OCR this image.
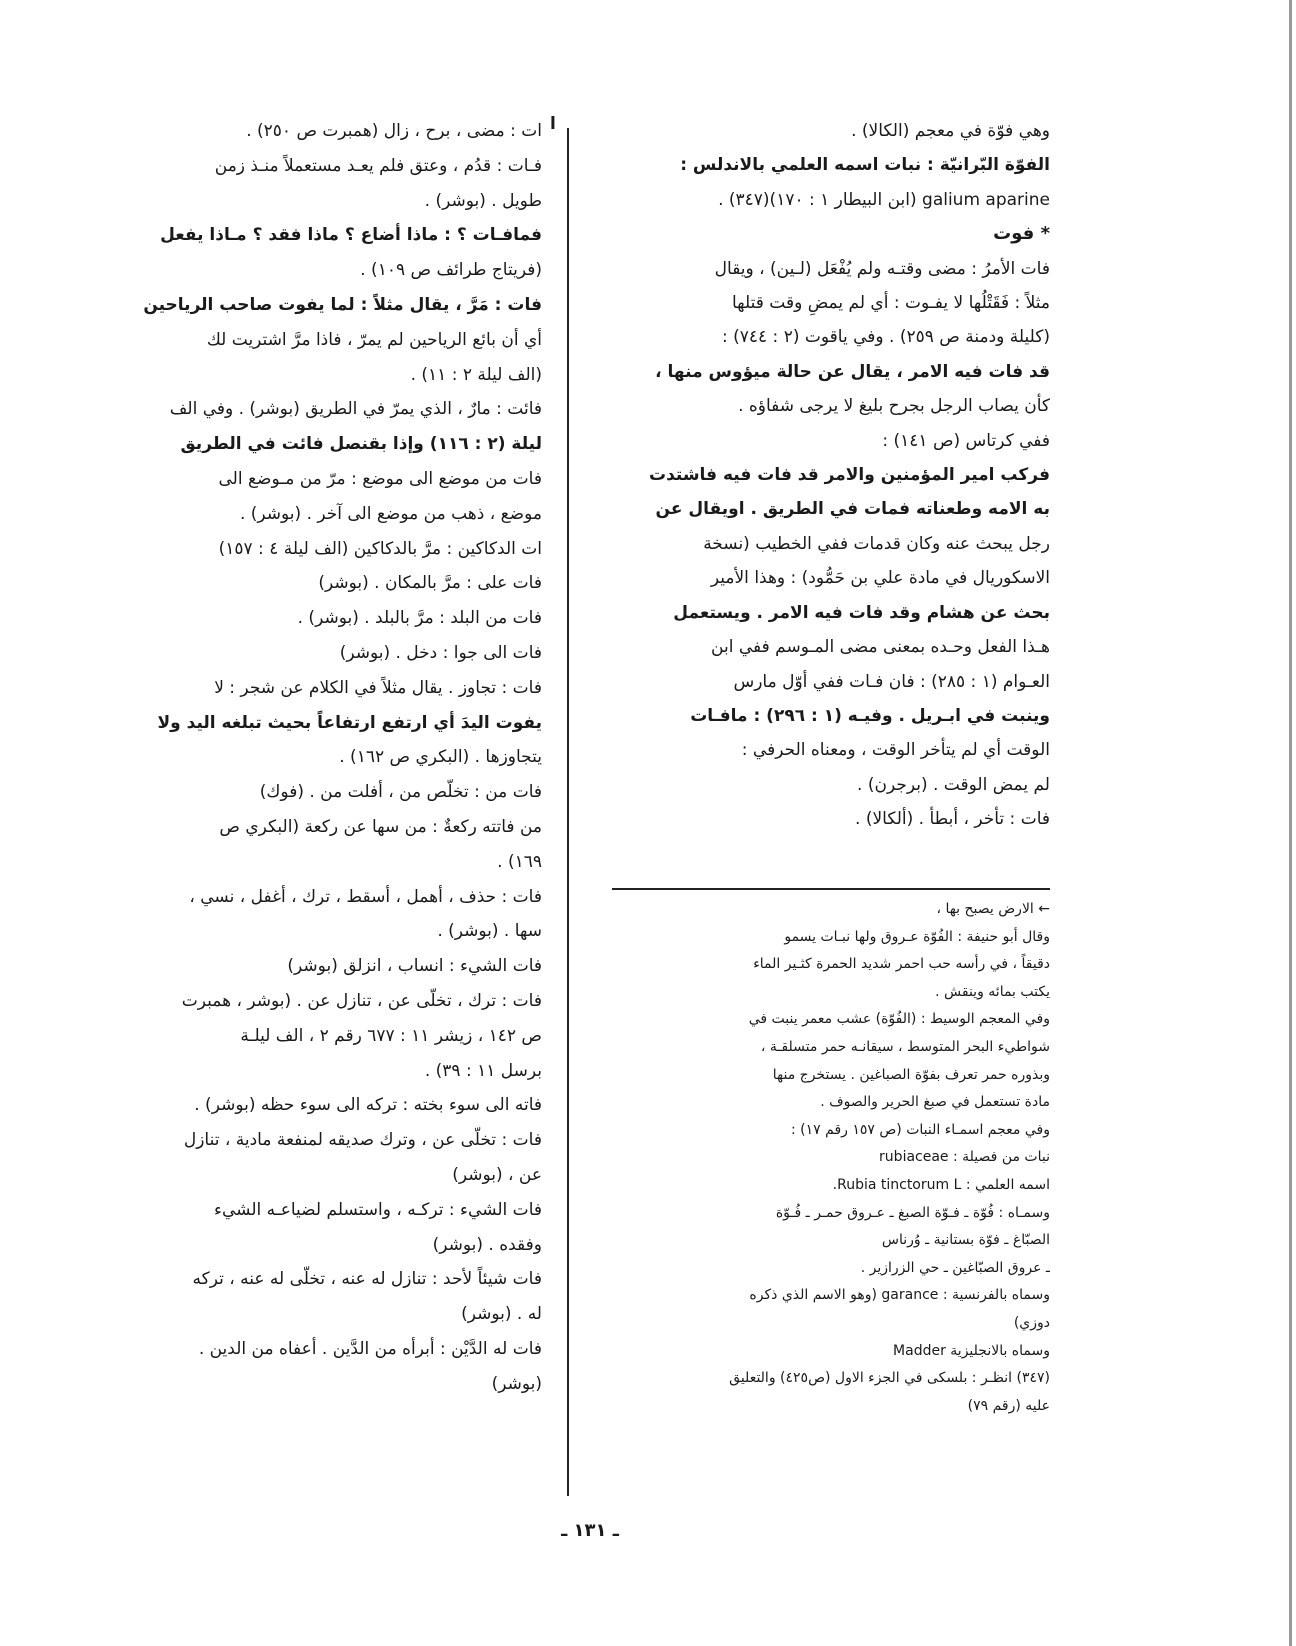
وهي فوّة في معجم (الكالا) .
الفوّة البّرانيّة : نبات اسمه العلمي بالاندلس :
galium aparine (ابن البيطار ١ : ١٧٠)(٣٤٧) .
* فوت
فات الأمرُ : مضى وقتـه ولم يُفْعَل (لـين) ، ويقال
مثلاً : فَقَتْلُها لا يفـوت : أي لم يمضِ وقت قتلها
(كليلة ودمنة ص ٢٥٩) . وفي ياقوت (٢ : ٧٤٤) :
قد فات فيه الامر ، يقال عن حالة ميؤوس منها ،
كأن يصاب الرجل بجرح بليغ لا يرجى شفاؤه .
ففي كرتاس (ص ١٤١) :
فركب امير المؤمنين والامر قد فات فيه فاشتدت
به الامه وطعناته فمات في الطريق . اويقال عن
رجل يبحث عنه وكان قدمات ففي الخطيب (نسخة
الاسكوريال في مادة علي بن حَمُّود) : وهذا الأمير
بحث عن هشام وقد فات فيه الامر . ويستعمل
هـذا الفعل وحـده بمعنى مضى المـوسم ففي ابن
العـوام (١ : ٢٨٥) : فان فـات ففي أوّل مارس
وينبت في ابـريل . وفيـه (١ : ٢٩٦) : مافـات
الوقت أي لم يتأخر الوقت ، ومعناه الحرفي :
لم يمض الوقت . (برجرن) .
فات : تأخر ، أبطأ . (ألكالا) .
← الارض يصبح بها ،
وقال أبو حنيفة : الفُوّة عـروق ولها نبـات يسمو
دقيقاً ، في رأسه حب احمر شديد الحمرة كثـير الماء
يكتب بمائه وينقش .
وفي المعجم الوسيط : (الفُوّة) عشب معمر ينبت في
شواطيء البحر المتوسط ، سيقانـه حمر متسلقـة ،
وبذوره حمر تعرف بفوّة الصباغين . يستخرج منها
مادة تستعمل في صبغ الحرير والصوف .
وفي معجم اسمـاء النبات (ص ١٥٧ رقم ١٧) :
نبات من فصيلة : rubiaceae
اسمه العلمي : Rubia tinctorum L.
وسمـاه : فُوّة ـ فـوّة الصبغ ـ عـروق حمـر ـ فُـوّة
الصبّاغ ـ فوّة بستانية ـ وُرناس
ـ عروق الصبّاغين ـ حي الزرازير .
وسماه بالفرنسية : garance (وهو الاسم الذي ذكره
دوزي)
وسماه بالانجليزية Madder
(٣٤٧) انظـر : بلسكى في الجزء الاول (ص٤٢٥) والتعليق
عليه (رقم ٧٩)
ا
ات : مضى ، برح ، زال (همبرت ص ٢٥٠) .
فـات : قدُم ، وعتق فلم يعـد مستعملاً منـذ زمن
طويل . (بوشر) .
فمافـات ؟ : ماذا أضاع ؟ ماذا فقد ؟ مـاذا يفعل
(فريتاج طرائف ص ١٠٩) .
فات : مَرَّ ، يقال مثلاً : لما يفوت صاحب الرياحين
أي أن بائع الرياحين لم يمرّ ، فاذا مرَّ اشتريت لك
(الف ليلة ٢ : ١١) .
فائت : مارٌ ، الذي يمرّ في الطريق (بوشر) . وفي الف
ليلة (٢ : ١١٦) وإذا بقنصل فائت في الطريق
فات من موضع الى موضع : مرّ من مـوضع الى
موضع ، ذهب من موضع الى آخر . (بوشر) .
ات الدكاكين : مرَّ بالدكاكين (الف ليلة ٤ : ١٥٧)
فات على : مرَّ بالمكان . (بوشر)
فات من البلد : مرَّ بالبلد . (بوشر) .
فات الى جوا : دخل . (بوشر)
فات : تجاوز . يقال مثلاً في الكلام عن شجر : لا
يفوت اليدَ أي ارتفع ارتفاعاً بحيث تبلغه اليد ولا
يتجاوزها . (البكري ص ١٦٢) .
فات من : تخلّص من ، أفلت من . (فوك)
من فاتته ركعةٌ : من سها عن ركعة (البكري ص
١٦٩) .
فات : حذف ، أهمل ، أسقط ، ترك ، أغفل ، نسي ،
سها . (بوشر) .
فات الشيء : انساب ، انزلق (بوشر)
فات : ترك ، تخلّى عن ، تنازل عن . (بوشر ، همبرت
ص ١٤٢ ، زيشر ١١ : ٦٧٧ رقم ٢ ، الف ليلـة
برسل ١١ : ٣٩) .
فاته الى سوء بخته : تركه الى سوء حظه (بوشر) .
فات : تخلّى عن ، وترك صديقه لمنفعة مادية ، تنازل
عن ، (بوشر)
فات الشيء : تركـه ، واستسلم لضياعـه الشيء
وفقده . (بوشر)
فات شيئاً لأحد : تنازل له عنه ، تخلّى له عنه ، تركه
له . (بوشر)
فات له الدَّيْن : أبرأه من الدَّين . أعفاه من الدين .
(بوشر)
ـ ١٣١ ـ
